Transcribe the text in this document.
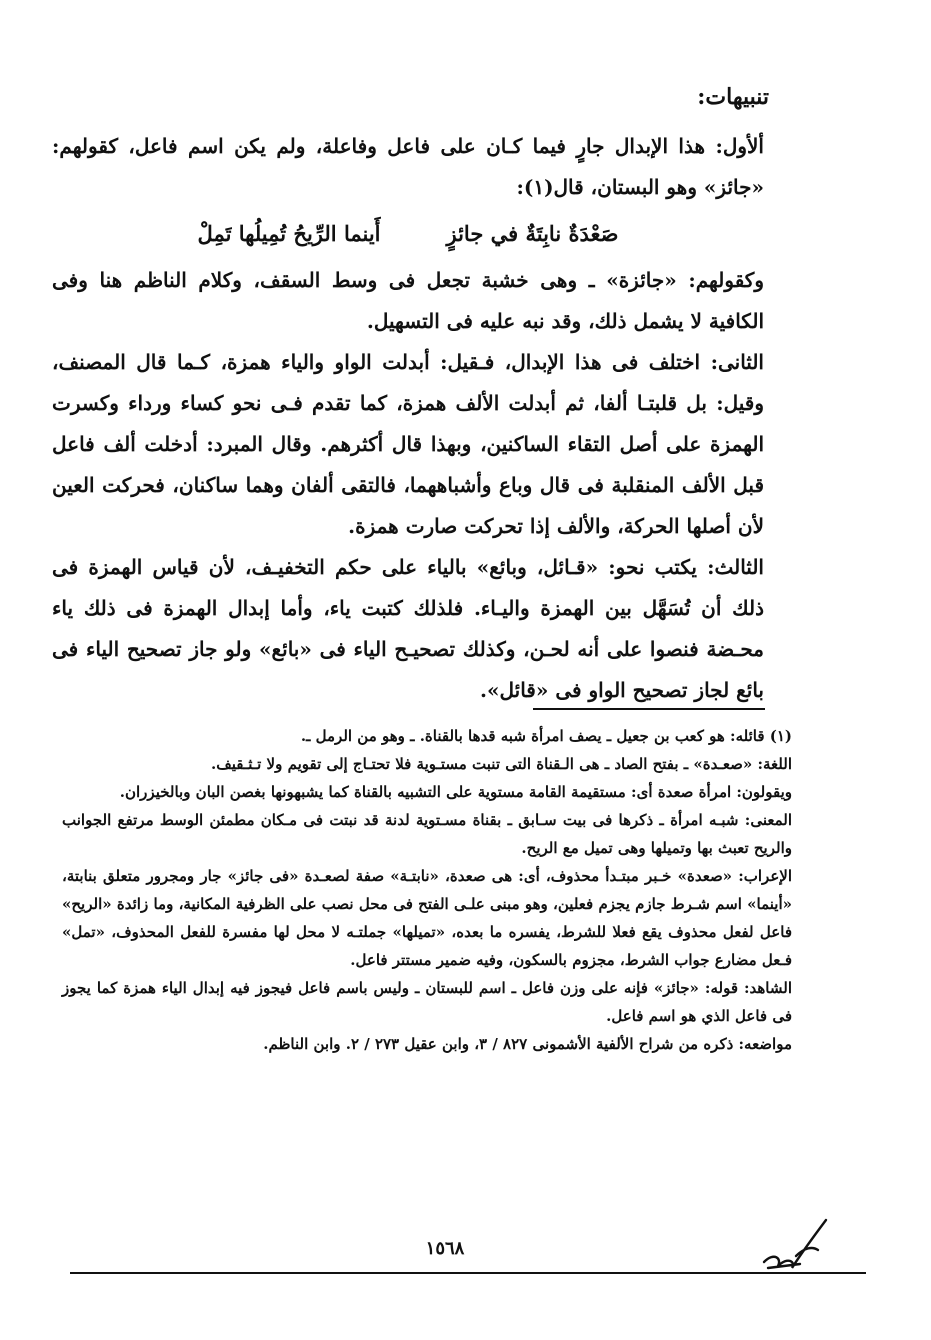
تنبيهات:

ألأول: هذا الإبدال جارٍ فيما كـان على فاعل وفاعلة، ولم يكن اسم فاعل، كقولهم: «جائز» وهو البستان، قال(١):

صَعْدَةٌ نابِتَةٌ في جائزٍ
أَينما الرِّيحُ تُمِيلُها تَمِلْ

وكقولهم: «جائزة» ـ وهى خشبة تجعل فى وسط السقف، وكلام الناظم هنا وفى الكافية لا يشمل ذلك، وقد نبه عليه فى التسهيل.

الثانى: اختلف فى هذا الإبدال، فـقيل: أبدلت الواو والياء همزة، كـما قال المصنف، وقيل: بل قلبتـا ألفا، ثم أبدلت الألف همزة، كما تقدم فـى نحو كساء ورداء وكسرت الهمزة على أصل التقاء الساكنين، وبهذا قال أكثرهم. وقال المبرد: أدخلت ألف فاعل قبل الألف المنقلبة فى قال وباع وأشباههما، فالتقى ألفان وهما ساكنان، فحركت العين لأن أصلها الحركة، والألف إذا تحركت صارت همزة.

الثالث: يكتب نحو: «قـائل، وبائع» بالياء على حكم التخفيـف، لأن قياس الهمزة فى ذلك أن تُسَهَّل بين الهمزة واليـاء. فلذلك كتبت ياء، وأما إبدال الهمزة فى ذلك ياء محـضة فنصوا على أنه لحـن، وكذلك تصحيـح الياء فى «بائع» ولو جاز تصحيح الياء فى بائع لجاز تصحيح الواو فى «قائل».

(١) قائله: هو كعب بن جعيل ـ يصف امرأة شبه قدها بالقناة. ـ وهو من الرمل ـ.

اللغة: «صعـدة» ـ بفتح الصاد ـ هى الـقناة التى تنبت مستـوية فلا تحتـاج إلى تقويم ولا تـثـقيف.

ويقولون: امرأة صعدة أى: مستقيمة القامة مستوية على التشبيه بالقناة كما يشبهونها بغصن البان وبالخيزران.

المعنى: شبـه امرأة ـ ذكرها فى بيت سـابق ـ بقناة مسـتوية لدنة قد نبتت فى مـكان مطمئن الوسط مرتفع الجوانب والريح تعبث بها وتميلها وهى تميل مع الريح.

الإعراب: «صعدة» خـبر مبتـدأ محذوف، أى: هى صعدة، «نابتـة» صفة لصعـدة «فى جائز» جار ومجرور متعلق بنابتة، «أينما» اسم شـرط جازم يجزم فعلين، وهو مبنى علـى الفتح فى محل نصب على الظرفية المكانية، وما زائدة «الريح» فاعل لفعل محذوف يقع فعلا للشرط، يفسره ما بعده، «تميلها» جملتـه لا محل لها مفسرة للفعل المحذوف، «تمل» فـعل مضارع جواب الشرط، مجزوم بالسكون، وفيه ضمير مستتر فاعل.

الشاهد: قوله: «جائز» فإنه على وزن فاعل ـ اسم للبستان ـ وليس باسم فاعل فيجوز فيه إبدال الياء همزة كما يجوز فى فاعل الذي هو اسم فاعل.

مواضعه: ذكره من شراح الألفية الأشمونى ٨٢٧ / ٣، وابن عقيل ٢٧٣ / ٢. وابن الناظم.

١٥٦٨
